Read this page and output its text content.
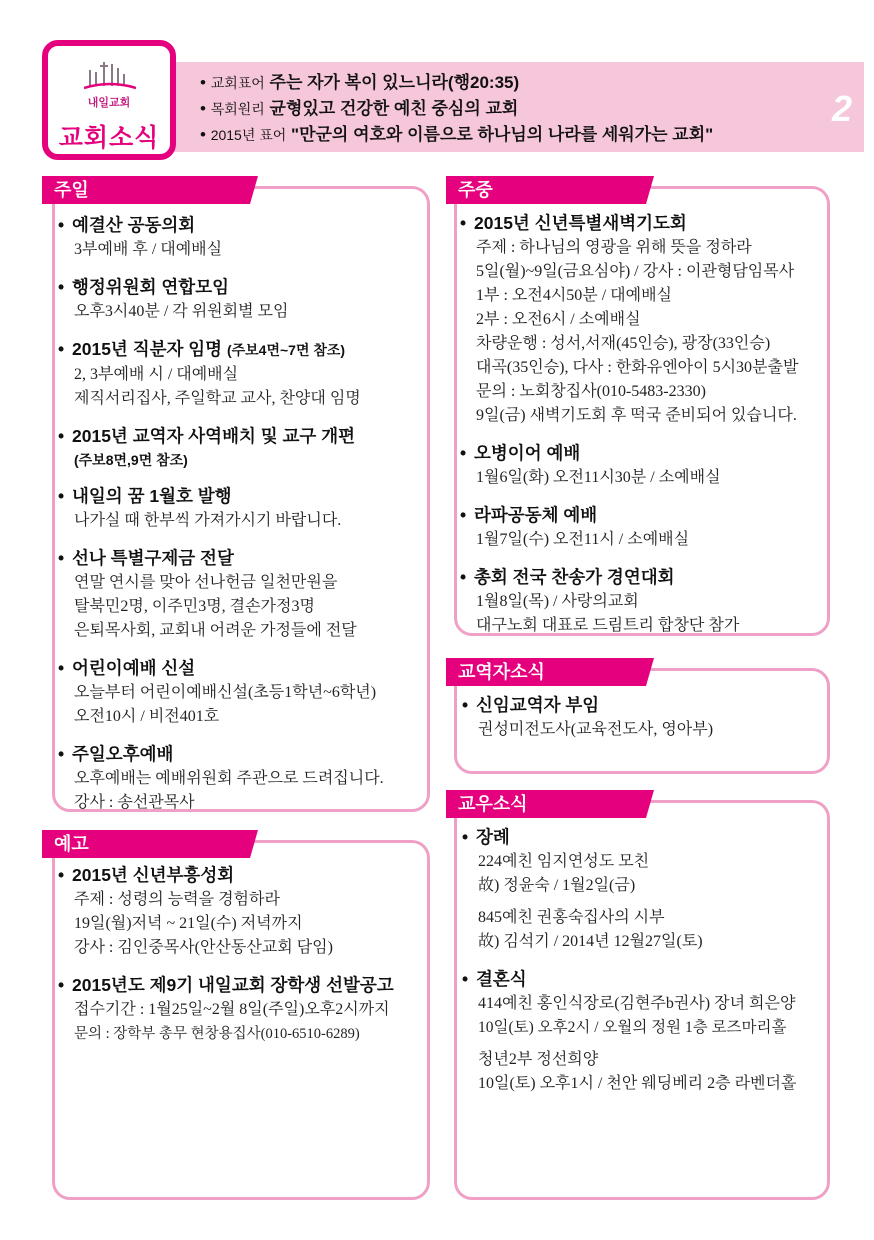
내일교회
교회소식
• 교회표어 주는 자가 복이 있느니라(행20:35)
• 목회원리 균형있고 건강한 예친 중심의 교회
• 2015년 표어 "만군의 여호와 이름으로 하나님의 나라를 세워가는 교회"
2
주일
• 예결산 공동의회
3부예배 후 / 대예배실
• 행정위원회 연합모임
오후3시40분 / 각 위원회별 모임
• 2015년 직분자 임명 (주보4면~7면 참조)
2, 3부예배 시 / 대예배실
제직서리집사, 주일학교 교사, 찬양대 임명
• 2015년 교역자 사역배치 및 교구 개편
(주보8면,9면 참조)
• 내일의 꿈 1월호 발행
나가실 때 한부씩 가져가시기 바랍니다.
• 선나 특별구제금 전달
연말 연시를 맞아 선나헌금 일천만원을
탈북민2명, 이주민3명, 결손가정3명
은퇴목사회, 교회내 어려운 가정들에 전달
• 어린이예배 신설
오늘부터 어린이예배신설(초등1학년~6학년)
오전10시 / 비전401호
• 주일오후예배
오후예배는 예배위원회 주관으로 드려집니다.
강사 : 송선관목사
예고
• 2015년 신년부흥성회
주제 : 성령의 능력을 경험하라
19일(월)저녁 ~ 21일(수) 저녁까지
강사 : 김인중목사(안산동산교회 담임)
• 2015년도 제9기 내일교회 장학생 선발공고
접수기간 : 1월25일~2월 8일(주일)오후2시까지
문의 : 장학부 총무 현창용집사(010-6510-6289)
주중
• 2015년 신년특별새벽기도회
주제 : 하나님의 영광을 위해 뜻을 정하라
5일(월)~9일(금요심야) / 강사 : 이관형담임목사
1부 : 오전4시50분 / 대예배실
2부 : 오전6시 / 소예배실
차량운행 : 성서,서재(45인승), 광장(33인승)
대곡(35인승), 다사 : 한화유엔아이 5시30분출발
문의 : 노회창집사(010-5483-2330)
9일(금) 새벽기도회 후 떡국 준비되어 있습니다.
• 오병이어 예배
1월6일(화) 오전11시30분 / 소예배실
• 라파공동체 예배
1월7일(수) 오전11시 / 소예배실
• 총회 전국 찬송가 경연대회
1월8일(목) / 사랑의교회
대구노회 대표로 드림트리 합창단 참가
교역자소식
• 신임교역자 부임
권성미전도사(교육전도사, 영아부)
교우소식
• 장례
224예친 임지연성도 모친
故) 정윤숙 / 1월2일(금)
845예친 권홍숙집사의 시부
故) 김석기 / 2014년 12월27일(토)
• 결혼식
414예친 홍인식장로(김현주b권사) 장녀 희은양
10일(토) 오후2시 / 오월의 정원 1층 로즈마리홀
청년2부 정선희양
10일(토) 오후1시 / 천안 웨딩베리 2층 라벤더홀
